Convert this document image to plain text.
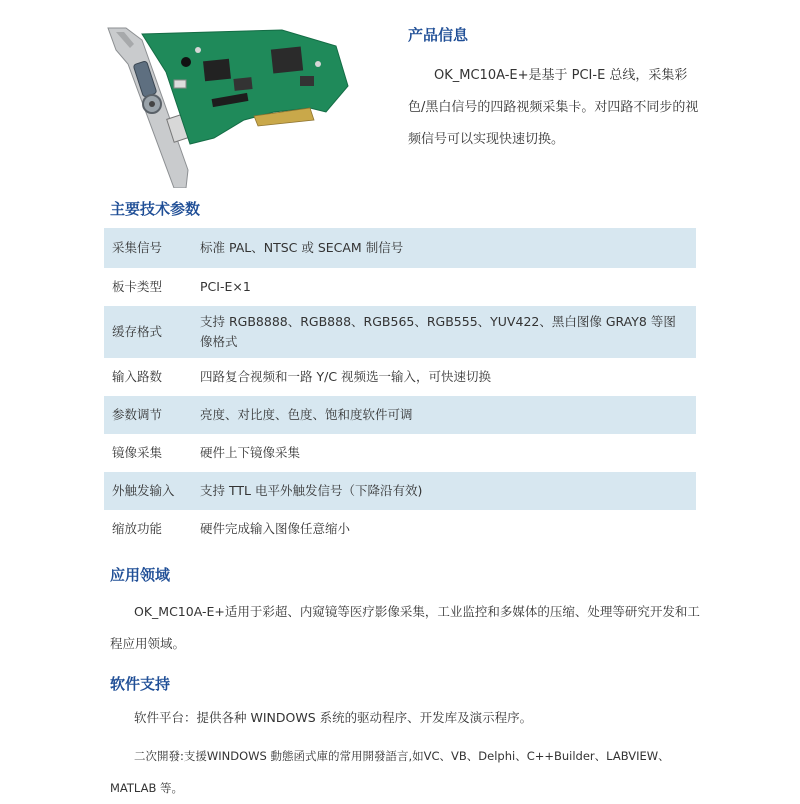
产品信息

OK_MC10A-E+是基于 PCI-E 总线，采集彩色/黑白信号的四路视频采集卡。对四路不同步的视频信号可以实现快速切换。

主要技术参数
采集信号	标准 PAL、NTSC 或 SECAM 制信号
板卡类型	PCI-E×1
缓存格式	支持 RGB8888、RGB888、RGB565、RGB555、YUV422、黑白图像 GRAY8 等图像格式
输入路数	四路复合视频和一路 Y/C 视频选一输入，可快速切换
参数调节	亮度、对比度、色度、饱和度软件可调
镜像采集	硬件上下镜像采集
外触发输入	支持 TTL 电平外触发信号（下降沿有效)
缩放功能	硬件完成输入图像任意缩小
应用领域

OK_MC10A-E+适用于彩超、内窥镜等医疗影像采集，工业监控和多媒体的压缩、处理等研究开发和工程应用领域。

软件支持

软件平台：提供各种 WINDOWS 系统的驱动程序、开发库及演示程序。

二次開發:支援WINDOWS 動態函式庫的常用開發語言,如VC、VB、Delphi、C++Builder、LABVIEW、MATLAB 等。
